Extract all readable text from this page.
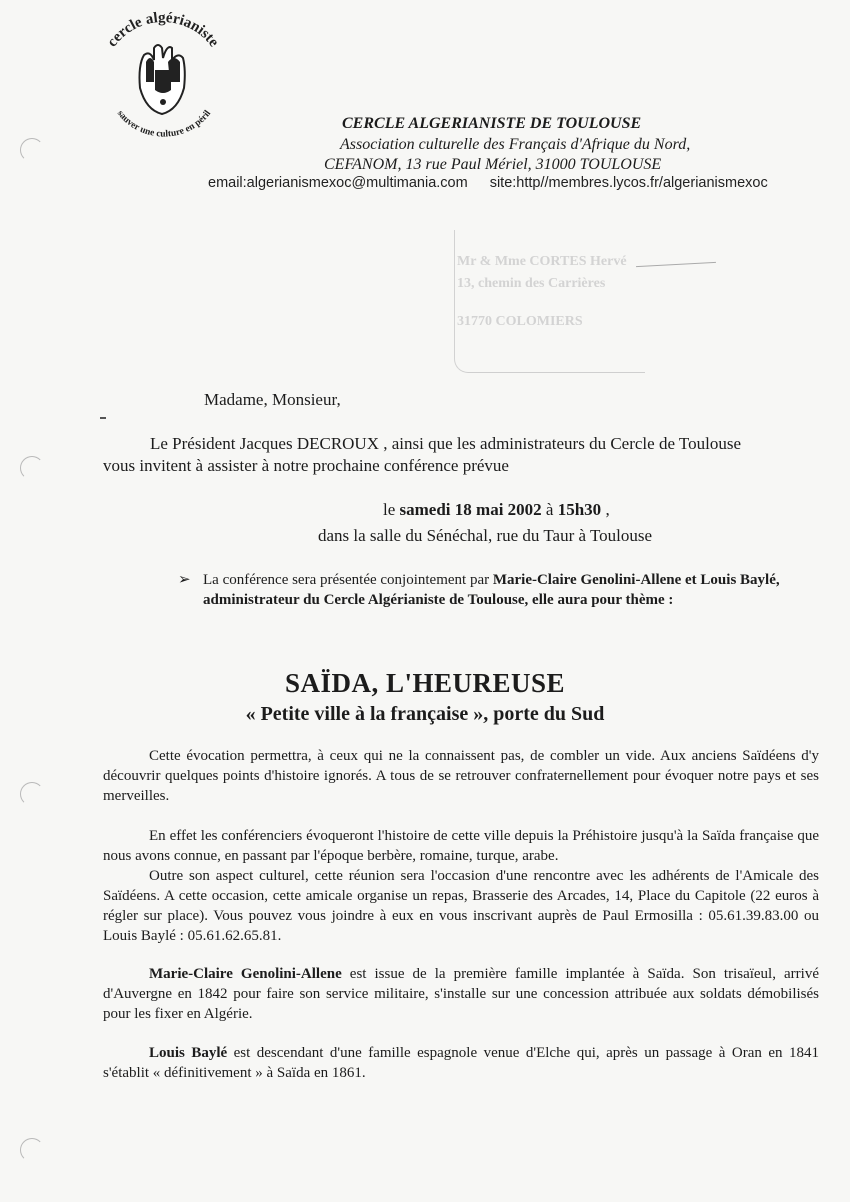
cercle algérianiste
sauver une culture en péril
CERCLE ALGERIANISTE DE TOULOUSE
Association culturelle des Français d'Afrique du Nord,
CEFANOM, 13 rue Paul Mériel, 31000 TOULOUSE
email:algerianismexoc@multimania.com site:http//membres.lycos.fr/algerianismexoc
Mr & Mme CORTES Hervé
13, chemin des Carrières
31770 COLOMIERS
Madame, Monsieur,
Le Président Jacques DECROUX , ainsi que les administrateurs du Cercle de Toulouse vous invitent à assister à notre prochaine conférence prévue
le samedi 18 mai 2002 à 15h30 ,
dans la salle du Sénéchal, rue du Taur à Toulouse
➢ La conférence sera présentée conjointement par Marie-Claire Genolini-Allene et Louis Baylé, administrateur du Cercle Algérianiste de Toulouse, elle aura pour thème :
SAÏDA, L'HEUREUSE
« Petite ville à la française », porte du Sud
Cette évocation permettra, à ceux qui ne la connaissent pas, de combler un vide. Aux anciens Saïdéens d'y découvrir quelques points d'histoire ignorés. A tous de se retrouver confraternellement pour évoquer notre pays et ses merveilles.
En effet les conférenciers évoqueront l'histoire de cette ville depuis la Préhistoire jusqu'à la Saïda française que nous avons connue, en passant par l'époque berbère, romaine, turque, arabe.
Outre son aspect culturel, cette réunion sera l'occasion d'une rencontre avec les adhérents de l'Amicale des Saïdéens. A cette occasion, cette amicale organise un repas, Brasserie des Arcades, 14, Place du Capitole (22 euros à régler sur place). Vous pouvez vous joindre à eux en vous inscrivant auprès de Paul Ermosilla : 05.61.39.83.00 ou Louis Baylé : 05.61.62.65.81.
Marie-Claire Genolini-Allene est issue de la première famille implantée à Saïda. Son trisaïeul, arrivé d'Auvergne en 1842 pour faire son service militaire, s'installe sur une concession attribuée aux soldats démobilisés pour les fixer en Algérie.
Louis Baylé est descendant d'une famille espagnole venue d'Elche qui, après un passage à Oran en 1841 s'établit « définitivement » à Saïda en 1861.
